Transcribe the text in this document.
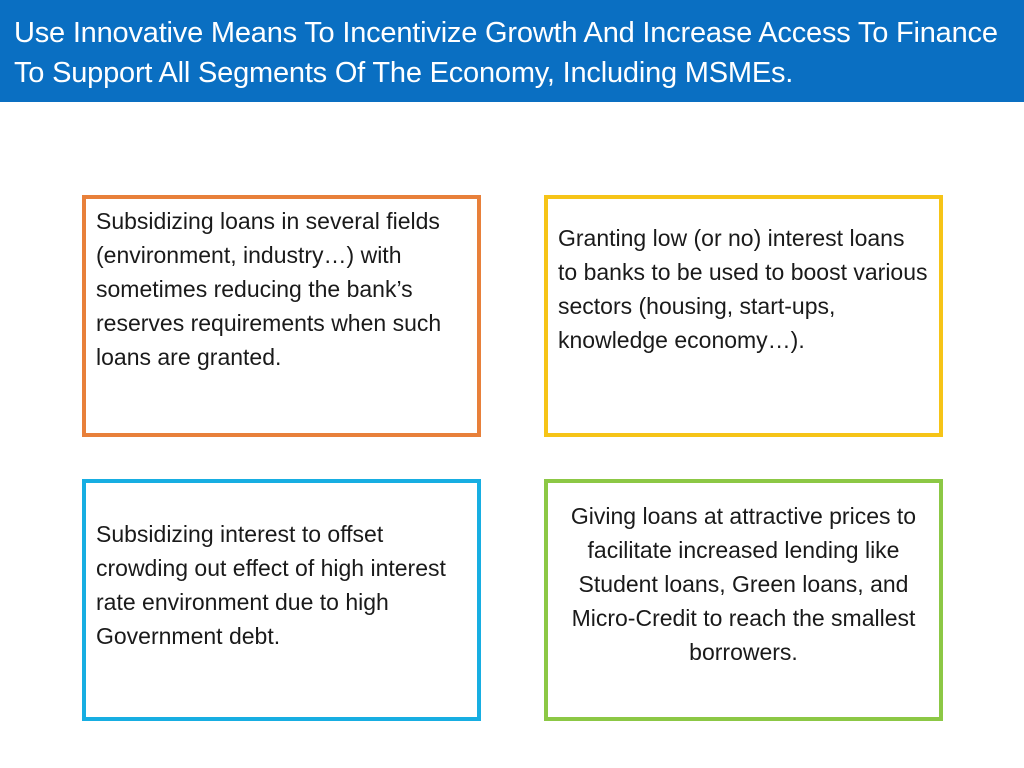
Use Innovative Means To Incentivize Growth And Increase Access To Finance To Support All Segments Of The Economy, Including MSMEs.
Subsidizing loans in several fields (environment, industry…) with sometimes reducing the bank’s reserves requirements when such loans are granted.
Granting low (or no) interest loans to banks to be used to boost various sectors (housing, start-ups, knowledge economy…).
Subsidizing interest to offset crowding out effect of high interest rate environment due to high Government debt.
Giving loans at attractive prices to facilitate increased lending like Student loans, Green loans, and Micro-Credit to reach the smallest borrowers.
